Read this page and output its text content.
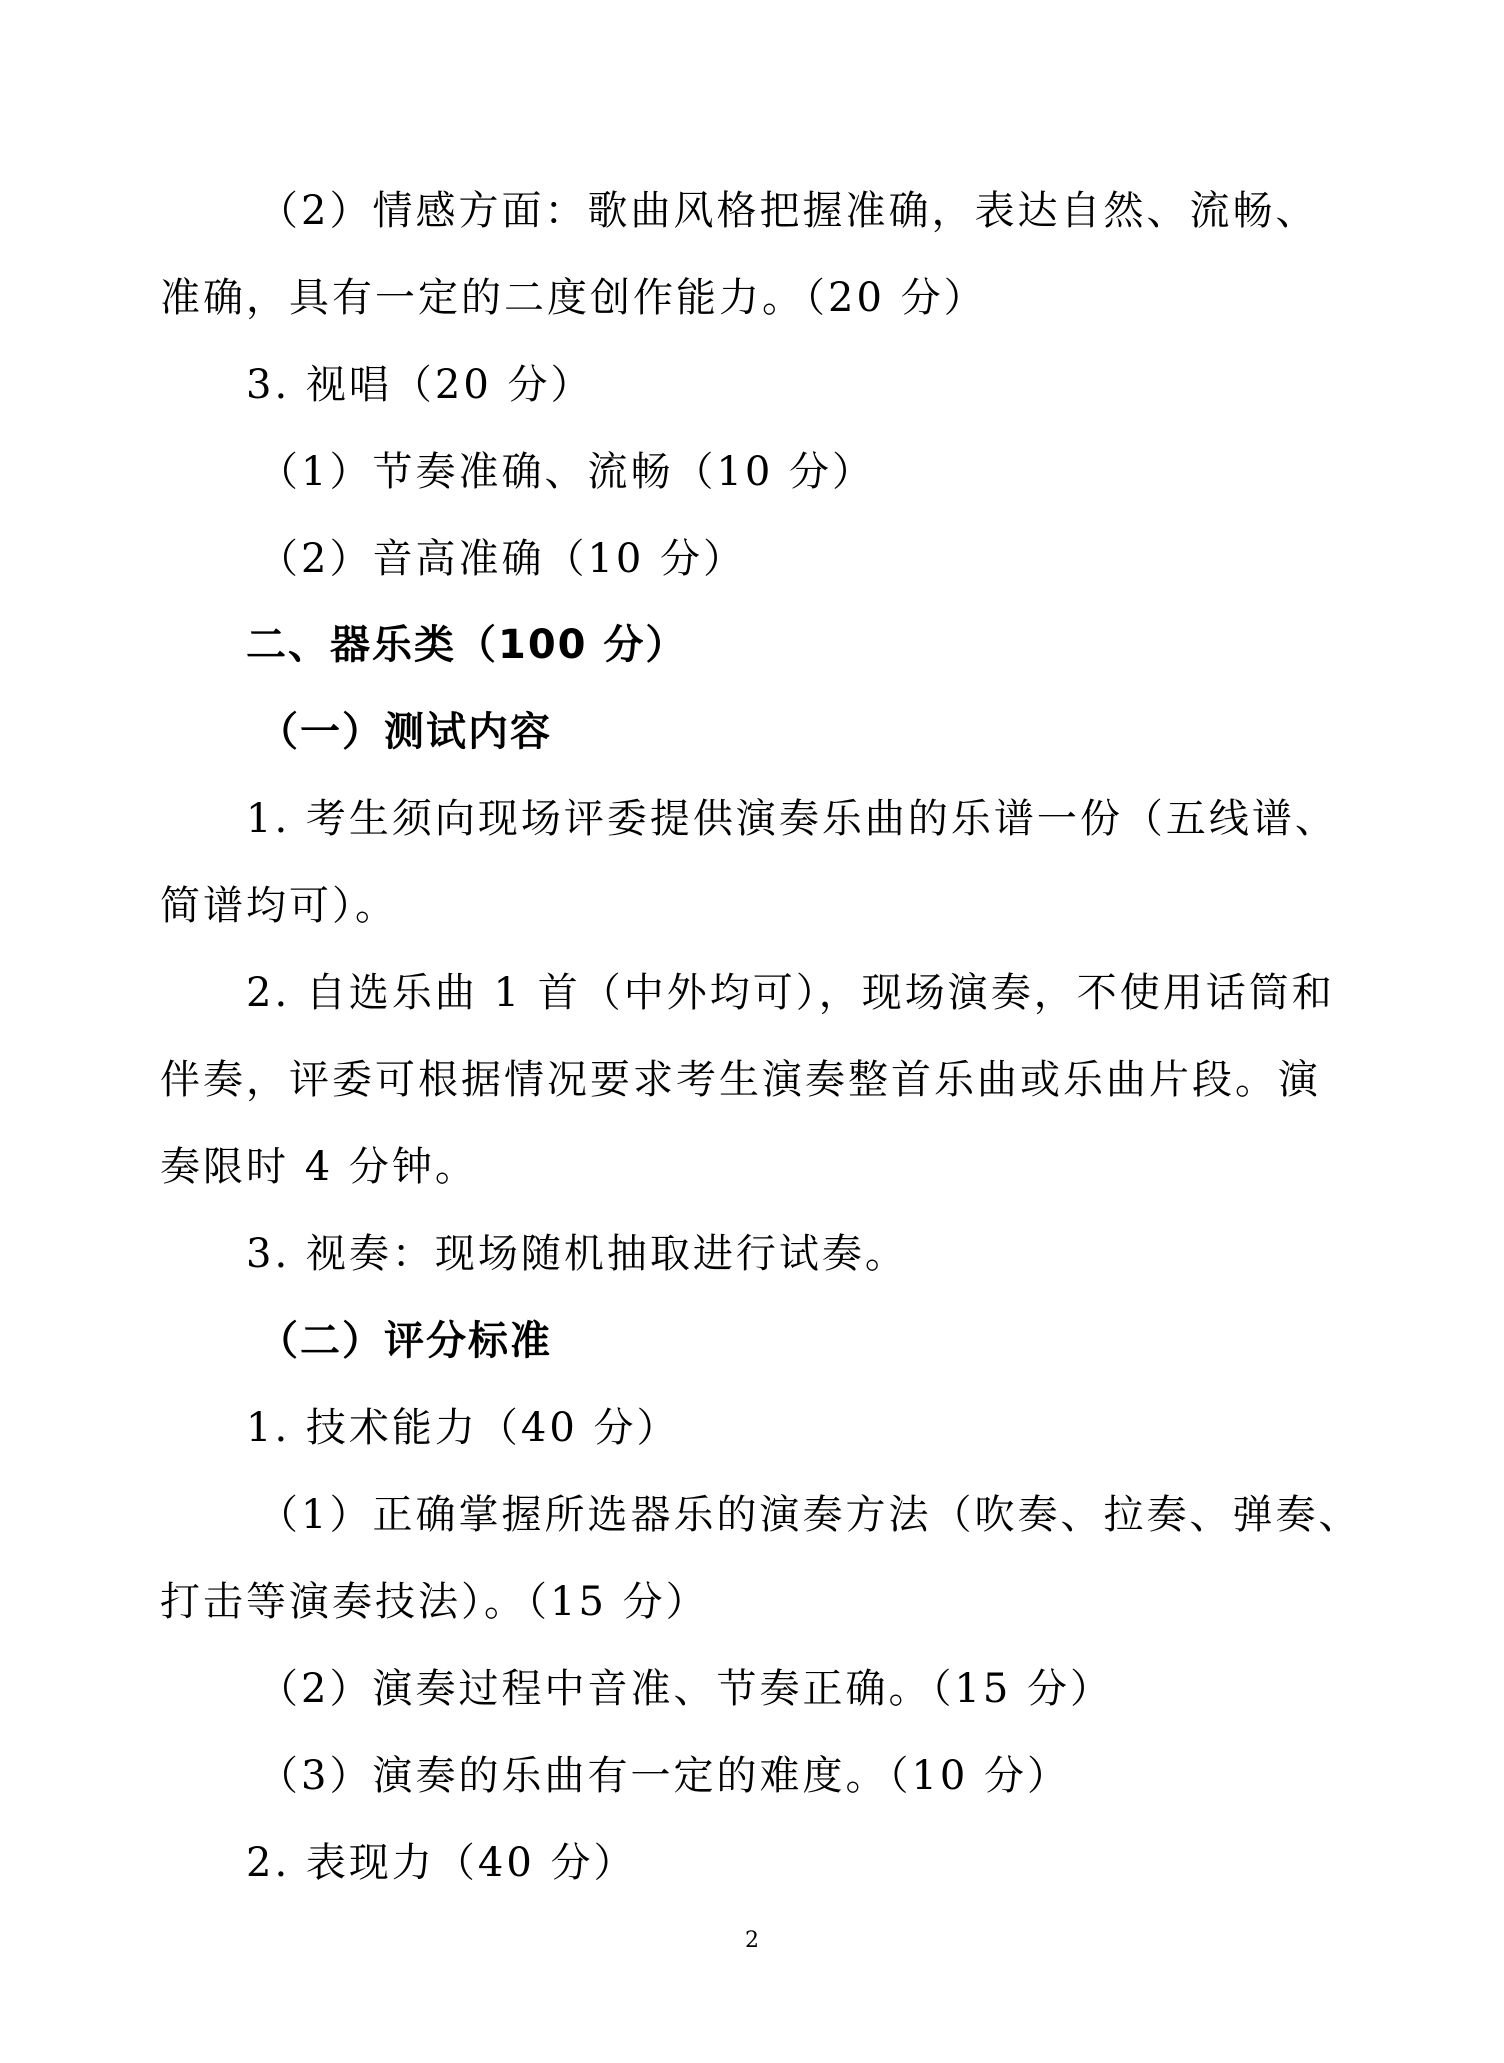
（2）情感方面：歌曲风格把握准确，表达自然、流畅、
准确，具有一定的二度创作能力。（20 分）
3. 视唱（20 分）
（1）节奏准确、流畅（10 分）
（2）音高准确（10 分）
二、器乐类（100 分）
（一）测试内容
1. 考生须向现场评委提供演奏乐曲的乐谱一份（五线谱、
简谱均可）。
2. 自选乐曲 1 首（中外均可），现场演奏，不使用话筒和
伴奏，评委可根据情况要求考生演奏整首乐曲或乐曲片段。演
奏限时 4 分钟。
3. 视奏：现场随机抽取进行试奏。
（二）评分标准
1. 技术能力（40 分）
（1）正确掌握所选器乐的演奏方法（吹奏、拉奏、弹奏、
打击等演奏技法）。（15 分）
（2）演奏过程中音准、节奏正确。（15 分）
（3）演奏的乐曲有一定的难度。（10 分）
2. 表现力（40 分）
2
